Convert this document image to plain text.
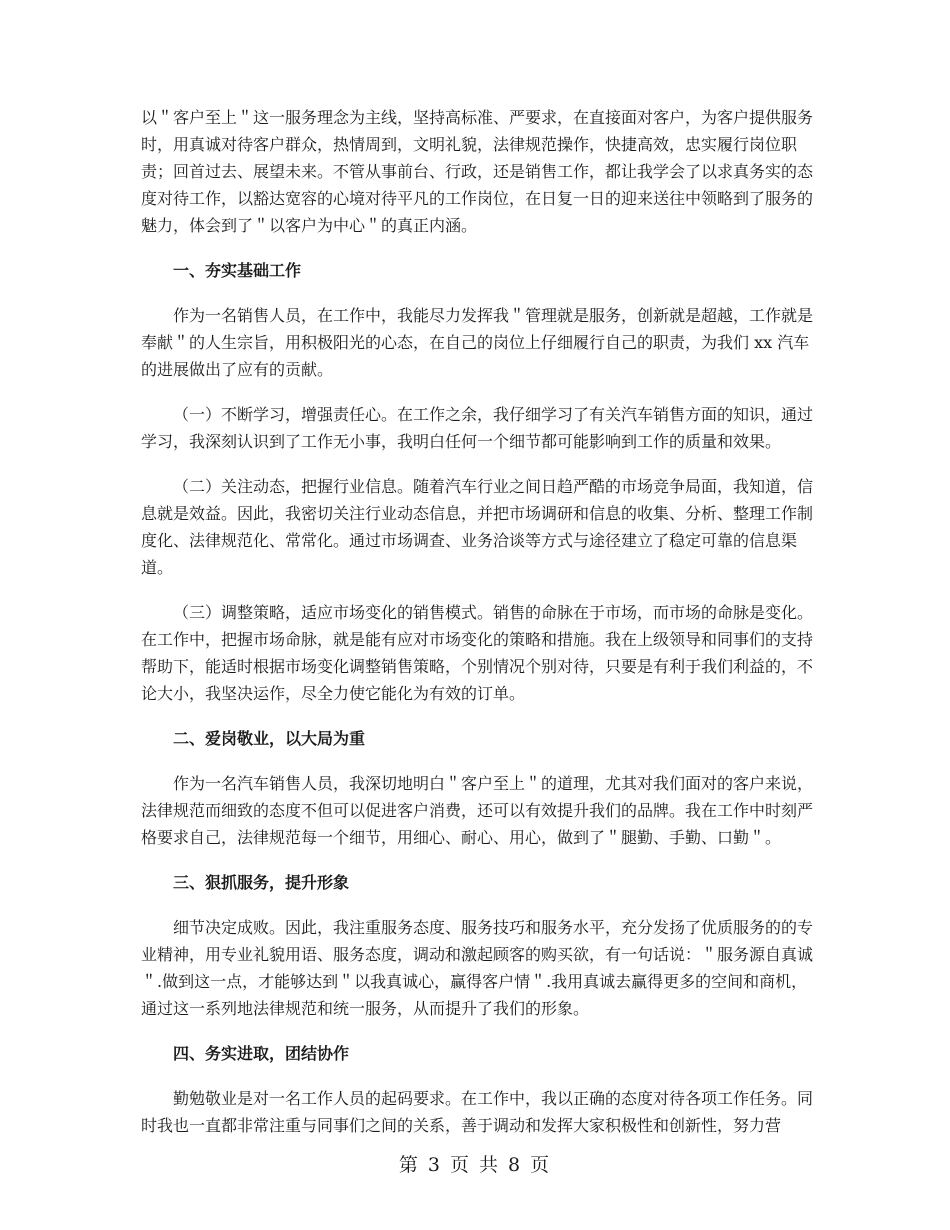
以＂客户至上＂这一服务理念为主线，坚持高标准、严要求，在直接面对客户，为客户提供服务时，用真诚对待客户群众，热情周到，文明礼貌，法律规范操作，快捷高效，忠实履行岗位职责；回首过去、展望未来。不管从事前台、行政，还是销售工作，都让我学会了以求真务实的态度对待工作，以豁达宽容的心境对待平凡的工作岗位，在日复一日的迎来送往中领略到了服务的魅力，体会到了＂以客户为中心＂的真正内涵。

一、夯实基础工作

作为一名销售人员，在工作中，我能尽力发挥我＂管理就是服务，创新就是超越，工作就是奉献＂的人生宗旨，用积极阳光的心态，在自己的岗位上仔细履行自己的职责，为我们 xx 汽车的进展做出了应有的贡献。

（一）不断学习，增强责任心。在工作之余，我仔细学习了有关汽车销售方面的知识，通过学习，我深刻认识到了工作无小事，我明白任何一个细节都可能影响到工作的质量和效果。

（二）关注动态，把握行业信息。随着汽车行业之间日趋严酷的市场竞争局面，我知道，信息就是效益。因此，我密切关注行业动态信息，并把市场调研和信息的收集、分析、整理工作制度化、法律规范化、常常化。通过市场调查、业务洽谈等方式与途径建立了稳定可靠的信息渠道。

（三）调整策略，适应市场变化的销售模式。销售的命脉在于市场，而市场的命脉是变化。在工作中，把握市场命脉，就是能有应对市场变化的策略和措施。我在上级领导和同事们的支持帮助下，能适时根据市场变化调整销售策略，个别情况个别对待，只要是有利于我们利益的，不论大小，我坚决运作，尽全力使它能化为有效的订单。

二、爱岗敬业，以大局为重

作为一名汽车销售人员，我深切地明白＂客户至上＂的道理，尤其对我们面对的客户来说，法律规范而细致的态度不但可以促进客户消费，还可以有效提升我们的品牌。我在工作中时刻严格要求自己，法律规范每一个细节，用细心、耐心、用心，做到了＂腿勤、手勤、口勤＂。

三、狠抓服务，提升形象

细节决定成败。因此，我注重服务态度、服务技巧和服务水平，充分发扬了优质服务的的专业精神，用专业礼貌用语、服务态度，调动和激起顾客的购买欲，有一句话说：＂服务源自真诚＂.做到这一点，才能够达到＂以我真诚心，赢得客户情＂.我用真诚去赢得更多的空间和商机，通过这一系列地法律规范和统一服务，从而提升了我们的形象。

四、务实进取，团结协作

勤勉敬业是对一名工作人员的起码要求。在工作中，我以正确的态度对待各项工作任务。同时我也一直都非常注重与同事们之间的关系，善于调动和发挥大家积极性和创新性，努力营

第 3 页 共 8 页
